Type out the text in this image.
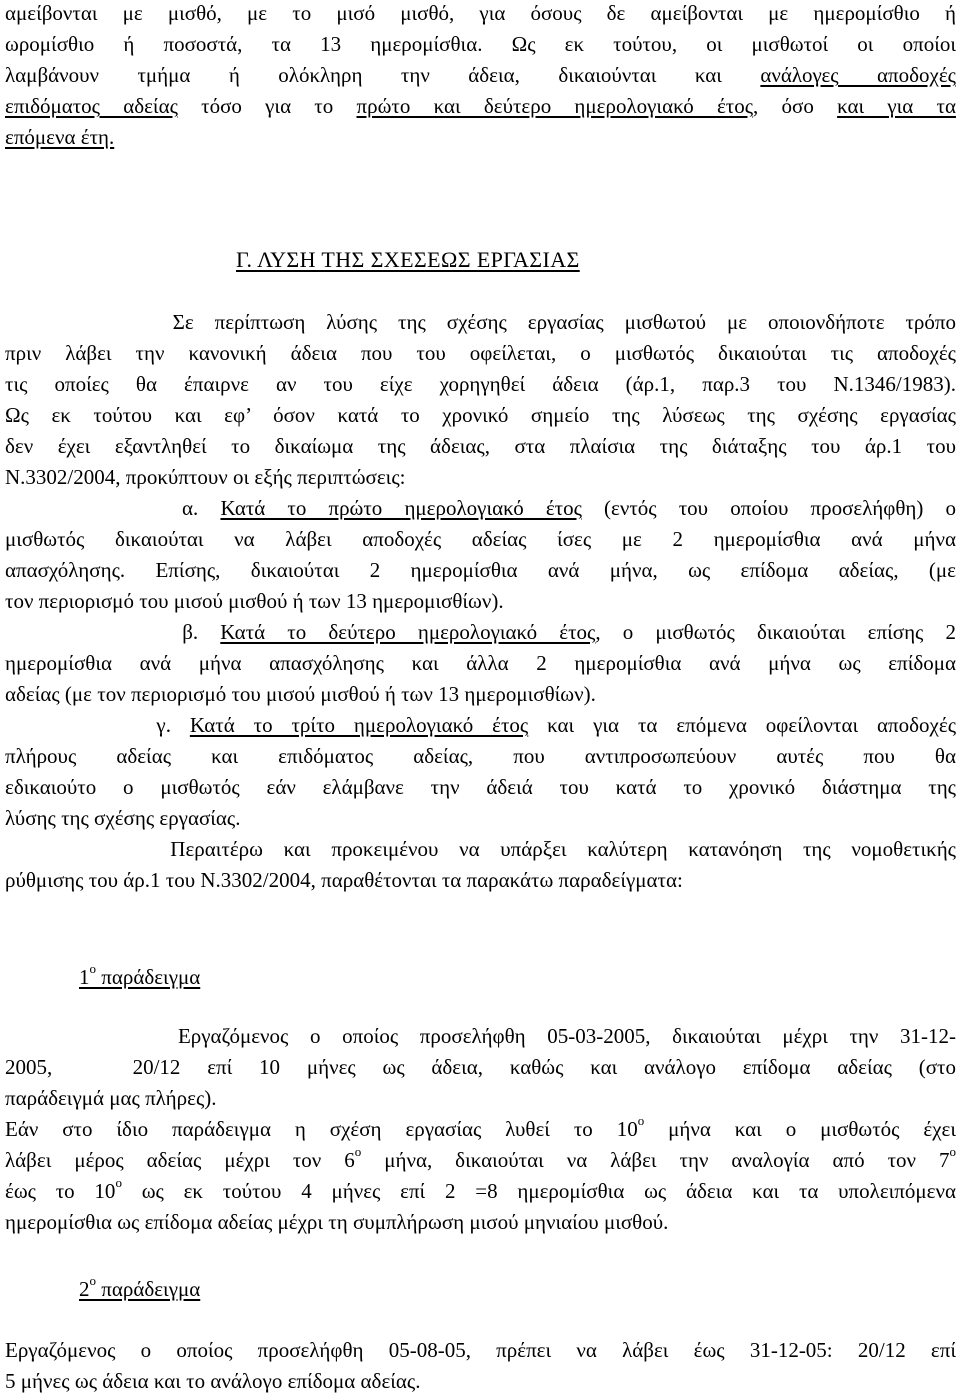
αμείβονται με μισθό, με το μισό μισθό, για όσους δε αμείβονται με ημερομίσθιο ή
ωρομίσθιο ή ποσοστά, τα 13 ημερομίσθια. Ως εκ τούτου, οι μισθωτοί οι οποίοι
λαμβάνουν τμήμα ή ολόκληρη την άδεια, δικαιούνται και ανάλογες αποδοχές
επιδόματος αδείας τόσο για το πρώτο και δεύτερο ημερολογιακό έτος, όσο και για τα
επόμενα έτη.
Γ. ΛΥΣΗ ΤΗΣ ΣΧΕΣΕΩΣ ΕΡΓΑΣΙΑΣ
Σε περίπτωση λύσης της σχέσης εργασίας μισθωτού με οποιονδήποτε τρόπο
πριν λάβει την κανονική άδεια που του οφείλεται, ο μισθωτός δικαιούται τις αποδοχές
τις οποίες θα έπαιρνε αν του είχε χορηγηθεί άδεια (άρ.1, παρ.3 του Ν.1346/1983).
Ως εκ τούτου και εφ’ όσον κατά το χρονικό σημείο της λύσεως της σχέσης εργασίας
δεν έχει εξαντληθεί το δικαίωμα της άδειας, στα πλαίσια της διάταξης του άρ.1 του
Ν.3302/2004, προκύπτουν οι εξής περιπτώσεις:
α. Κατά το πρώτο ημερολογιακό έτος (εντός του οποίου προσελήφθη) ο
μισθωτός δικαιούται να λάβει αποδοχές αδείας ίσες με 2 ημερομίσθια ανά μήνα
απασχόλησης. Επίσης, δικαιούται 2 ημερομίσθια ανά μήνα, ως επίδομα αδείας, (με
τον περιορισμό του μισού μισθού ή των 13 ημερομισθίων).
β. Κατά το δεύτερο ημερολογιακό έτος, ο μισθωτός δικαιούται επίσης 2
ημερομίσθια ανά μήνα απασχόλησης και άλλα 2 ημερομίσθια ανά μήνα ως επίδομα
αδείας (με τον περιορισμό του μισού μισθού ή των 13 ημερομισθίων).
γ. Κατά το τρίτο ημερολογιακό έτος και για τα επόμενα οφείλονται αποδοχές
πλήρους αδείας και επιδόματος αδείας, που αντιπροσωπεύουν αυτές που θα
εδικαιούτο ο μισθωτός εάν ελάμβανε την άδειά του κατά το χρονικό διάστημα της
λύσης της σχέσης εργασίας.
Περαιτέρω και προκειμένου να υπάρξει καλύτερη κατανόηση της νομοθετικής
ρύθμισης του άρ.1 του Ν.3302/2004, παραθέτονται τα παρακάτω παραδείγματα:
$1^o$ παράδειγμα
Εργαζόμενος ο οποίος προσελήφθη 05-03-2005, δικαιούται μέχρι την 31-12-
2005,   20/12 επί 10 μήνες ως άδεια, καθώς και ανάλογο επίδομα αδείας (στο
παράδειγμά μας πλήρες).
Εάν στο ίδιο παράδειγμα η σχέση εργασίας λυθεί το $10^o$ μήνα και ο μισθωτός έχει
λάβει μέρος αδείας μέχρι τον $6^o$ μήνα, δικαιούται να λάβει την αναλογία από τον $7^o$
έως το $10^o$ ως εκ τούτου 4 μήνες επί 2 =8 ημερομίσθια ως άδεια και τα υπολειπόμενα
ημερομίσθια ως επίδομα αδείας μέχρι τη συμπλήρωση μισού μηνιαίου μισθού.
$2^o$ παράδειγμα
Εργαζόμενος ο οποίος προσελήφθη 05-08-05, πρέπει να λάβει έως 31-12-05: 20/12 επί
5 μήνες ως άδεια και το ανάλογο επίδομα αδείας.
